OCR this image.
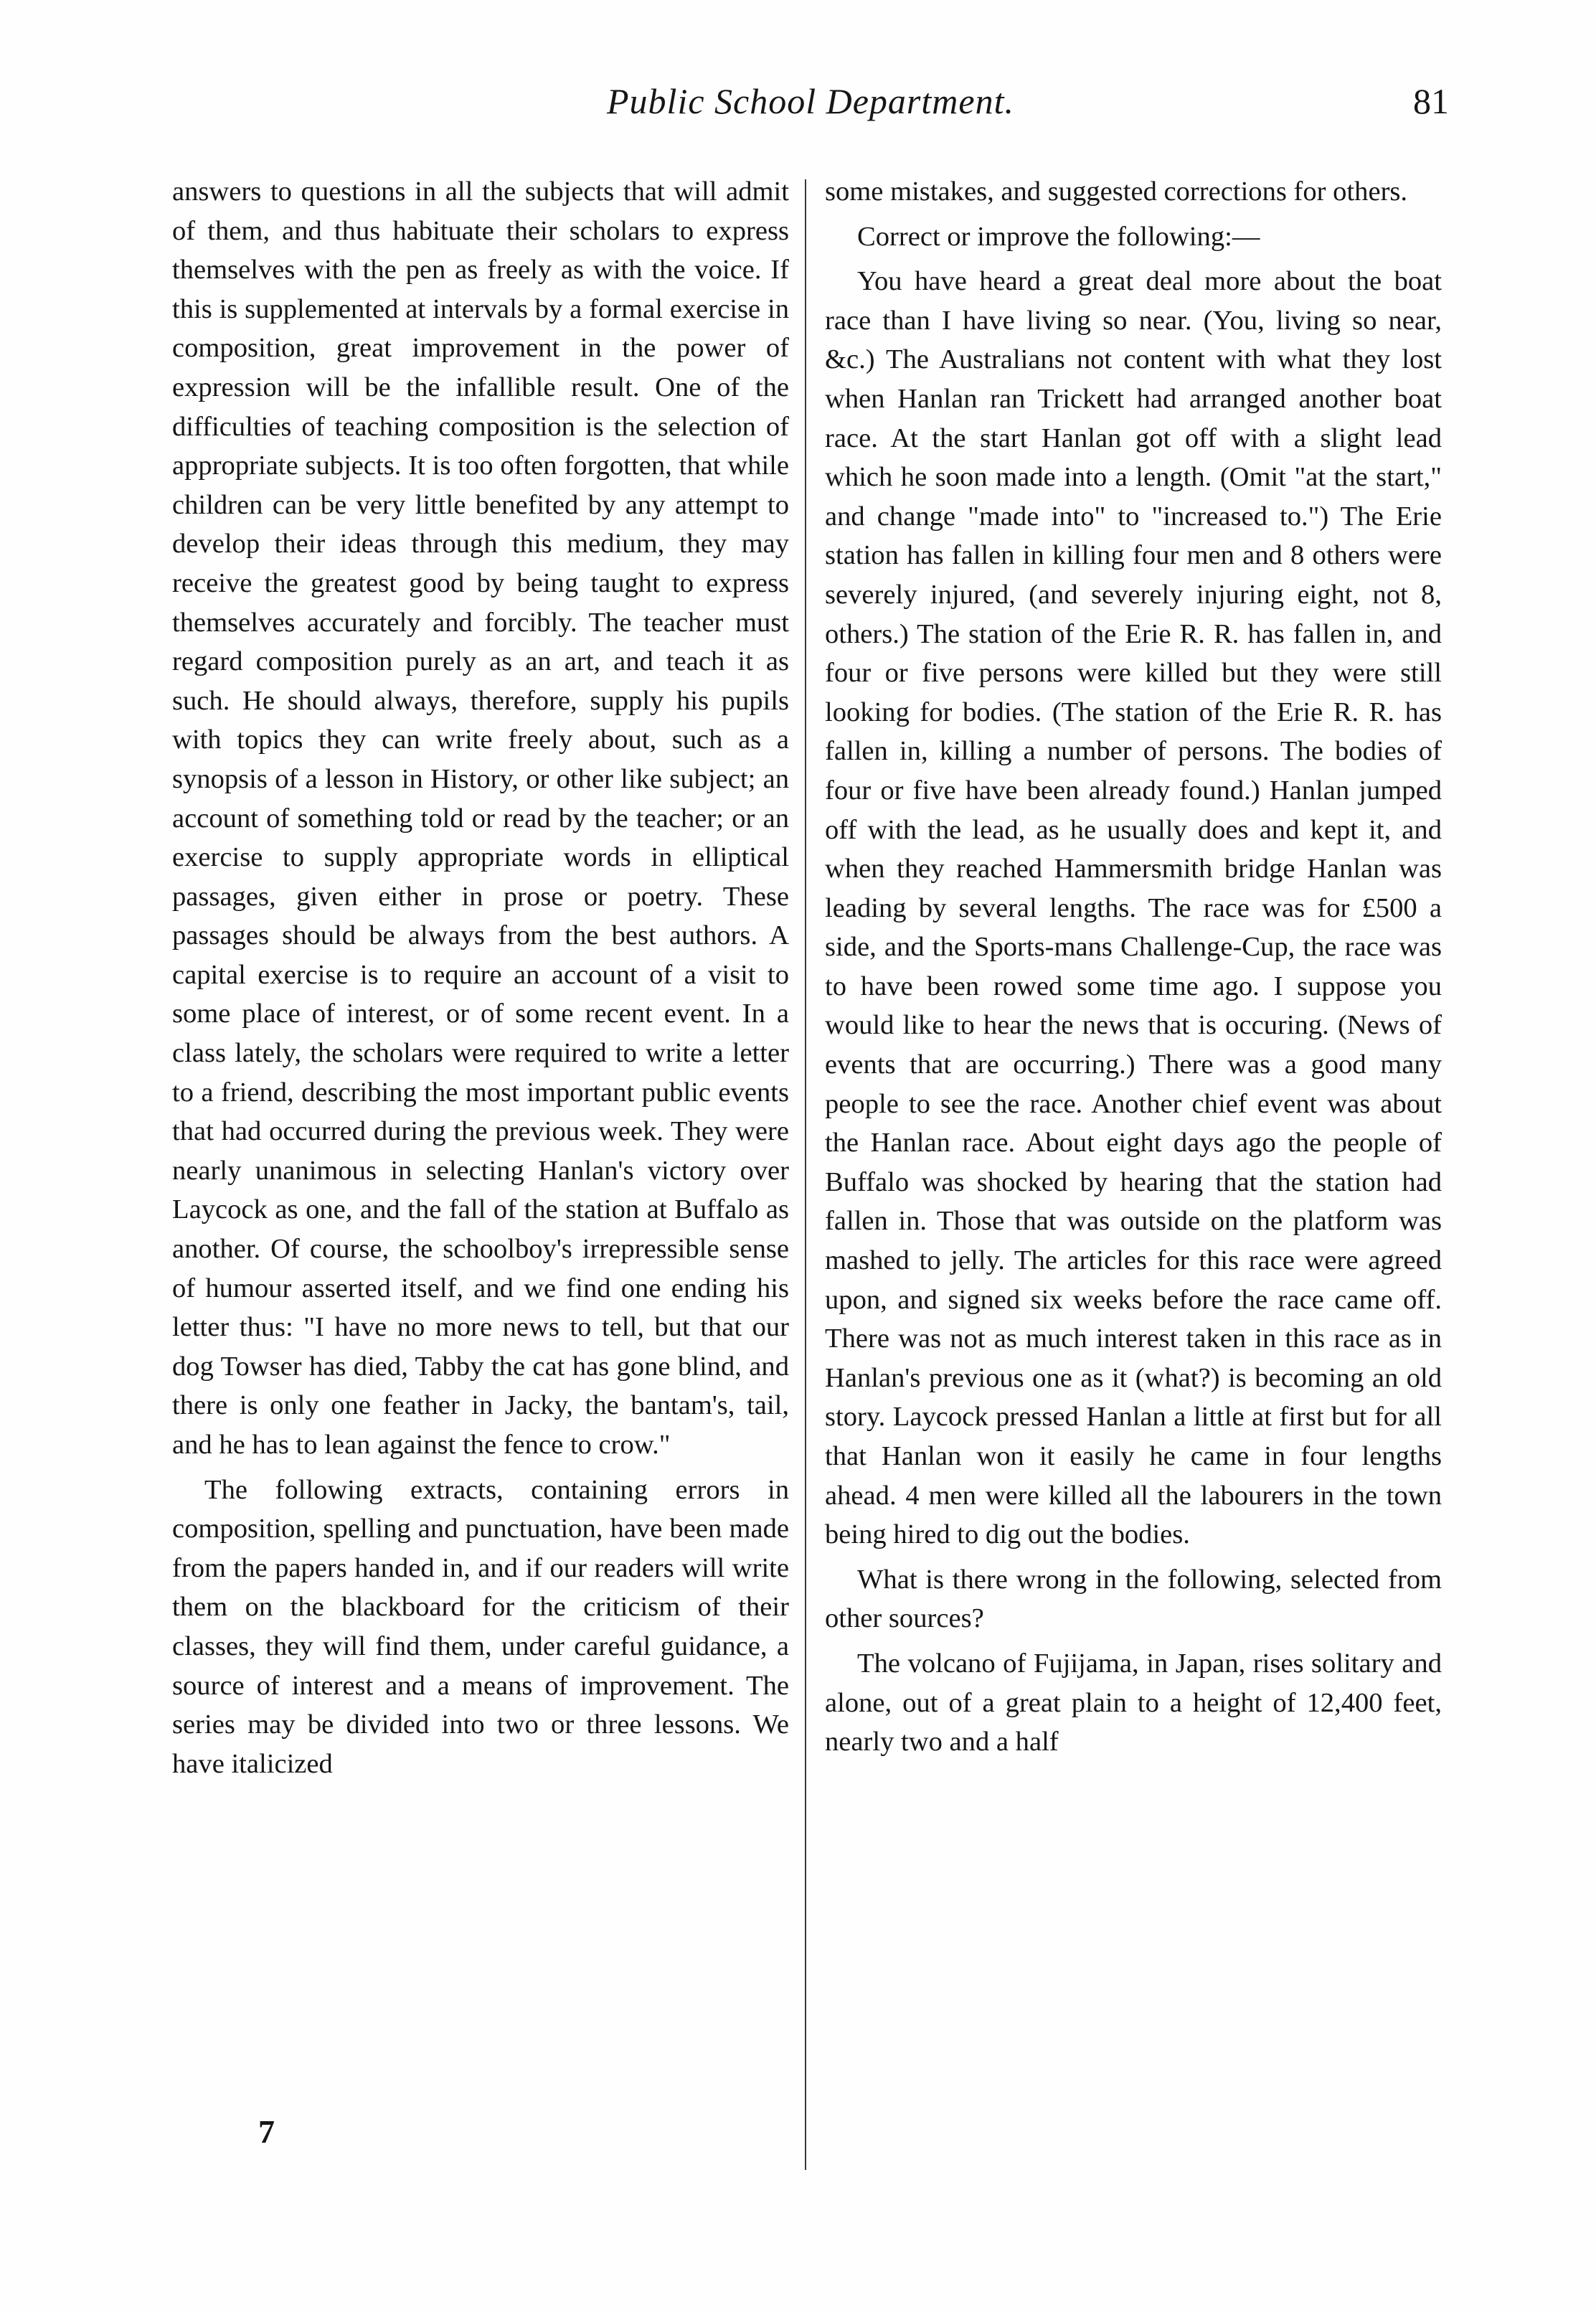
Public School Department.	81

answers to questions in all the subjects that will admit of them, and thus habituate their scholars to express themselves with the pen as freely as with the voice. If this is supplemented at intervals by a formal exercise in composition, great improvement in the power of expression will be the infallible result. One of the difficulties of teaching composition is the selection of appropriate subjects. It is too often forgotten, that while children can be very little benefited by any attempt to develop their ideas through this medium, they may receive the greatest good by being taught to express themselves accurately and forcibly. The teacher must regard composition purely as an art, and teach it as such. He should always, therefore, supply his pupils with topics they can write freely about, such as a synopsis of a lesson in History, or other like subject; an account of something told or read by the teacher; or an exercise to supply appropriate words in elliptical passages, given either in prose or poetry. These passages should be always from the best authors. A capital exercise is to require an account of a visit to some place of interest, or of some recent event. In a class lately, the scholars were required to write a letter to a friend, describing the most important public events that had occurred during the previous week. They were nearly unanimous in selecting Hanlan's victory over Laycock as one, and the fall of the station at Buffalo as another. Of course, the schoolboy's irrepressible sense of humour asserted itself, and we find one ending his letter thus: "I have no more news to tell, but that our dog Towser has died, Tabby the cat has gone blind, and there is only one feather in Jacky, the bantam's, tail, and he has to lean against the fence to crow."

The following extracts, containing errors in composition, spelling and punctuation, have been made from the papers handed in, and if our readers will write them on the blackboard for the criticism of their classes, they will find them, under careful guidance, a source of interest and a means of improvement. The series may be divided into two or three lessons. We have italicized

some mistakes, and suggested corrections for others.

Correct or improve the following:—

You have heard a great deal more about the boat race than I have living so near. (You, living so near, &c.) The Australians not content with what they lost when Hanlan ran Trickett had arranged another boat race. At the start Hanlan got off with a slight lead which he soon made into a length. (Omit "at the start," and change "made into" to "increased to.") The Erie station has fallen in killing four men and 8 others were severely injured, (and severely injuring eight, not 8, others.) The station of the Erie R. R. has fallen in, and four or five persons were killed but they were still looking for bodies. (The station of the Erie R. R. has fallen in, killing a number of persons. The bodies of four or five have been already found.) Hanlan jumped off with the lead, as he usually does and kept it, and when they reached Hammersmith bridge Hanlan was leading by several lengths. The race was for £500 a side, and the Sports-mans Challenge-Cup, the race was to have been rowed some time ago. I suppose you would like to hear the news that is occuring. (News of events that are occurring.) There was a good many people to see the race. Another chief event was about the Hanlan race. About eight days ago the people of Buffalo was shocked by hearing that the station had fallen in. Those that was outside on the platform was mashed to jelly. The articles for this race were agreed upon, and signed six weeks before the race came off. There was not as much interest taken in this race as in Hanlan's previous one as it (what?) is becoming an old story. Laycock pressed Hanlan a little at first but for all that Hanlan won it easily he came in four lengths ahead. 4 men were killed all the labourers in the town being hired to dig out the bodies.

What is there wrong in the following, selected from other sources?

The volcano of Fujijama, in Japan, rises solitary and alone, out of a great plain to a height of 12,400 feet, nearly two and a half

7
